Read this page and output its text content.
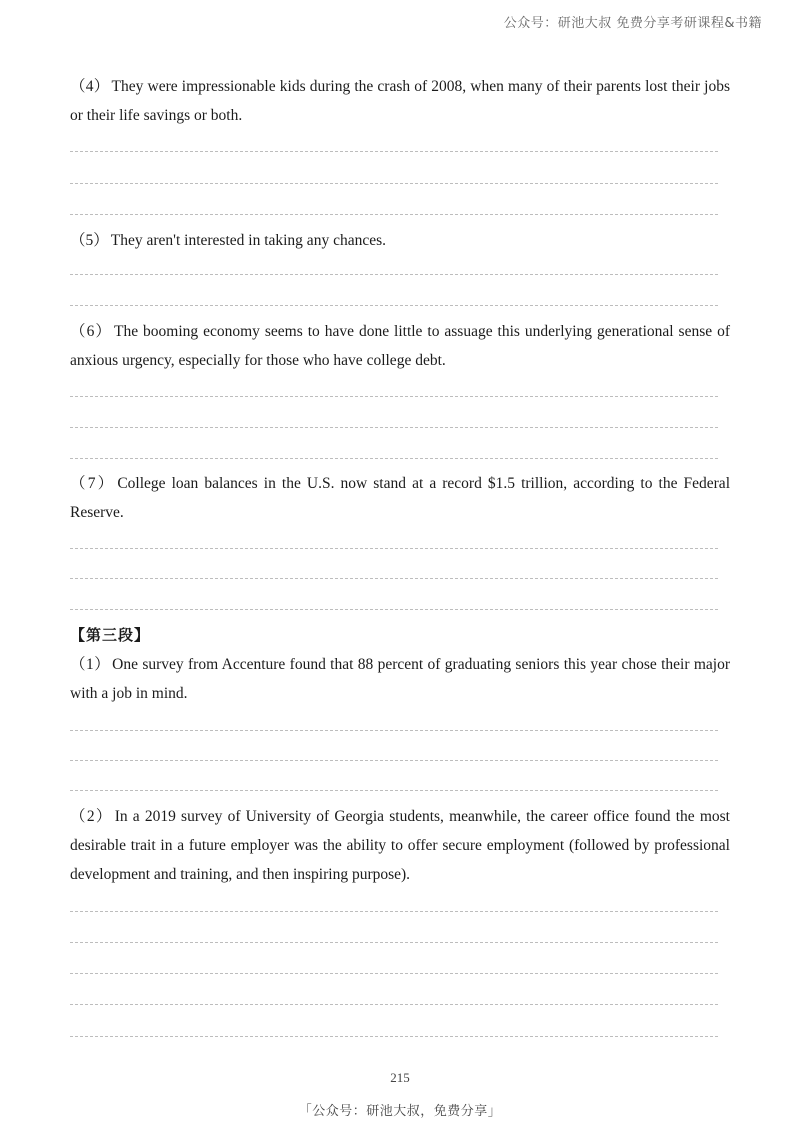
公众号：研池大叔 免费分享考研课程&书籍

（4） They were impressionable kids during the crash of 2008, when many of their parents lost their jobs or their life savings or both.

（5） They aren't interested in taking any chances.

（6） The booming economy seems to have done little to assuage this underlying generational sense of anxious urgency, especially for those who have college debt.

（7） College loan balances in the U.S. now stand at a record $1.5 trillion, according to the Federal Reserve.

【第三段】

（1） One survey from Accenture found that 88 percent of graduating seniors this year chose their major with a job in mind.

（2） In a 2019 survey of University of Georgia students, meanwhile, the career office found the most desirable trait in a future employer was the ability to offer secure employment (followed by professional development and training, and then inspiring purpose).

215
「公众号：研池大叔，免费分享」
